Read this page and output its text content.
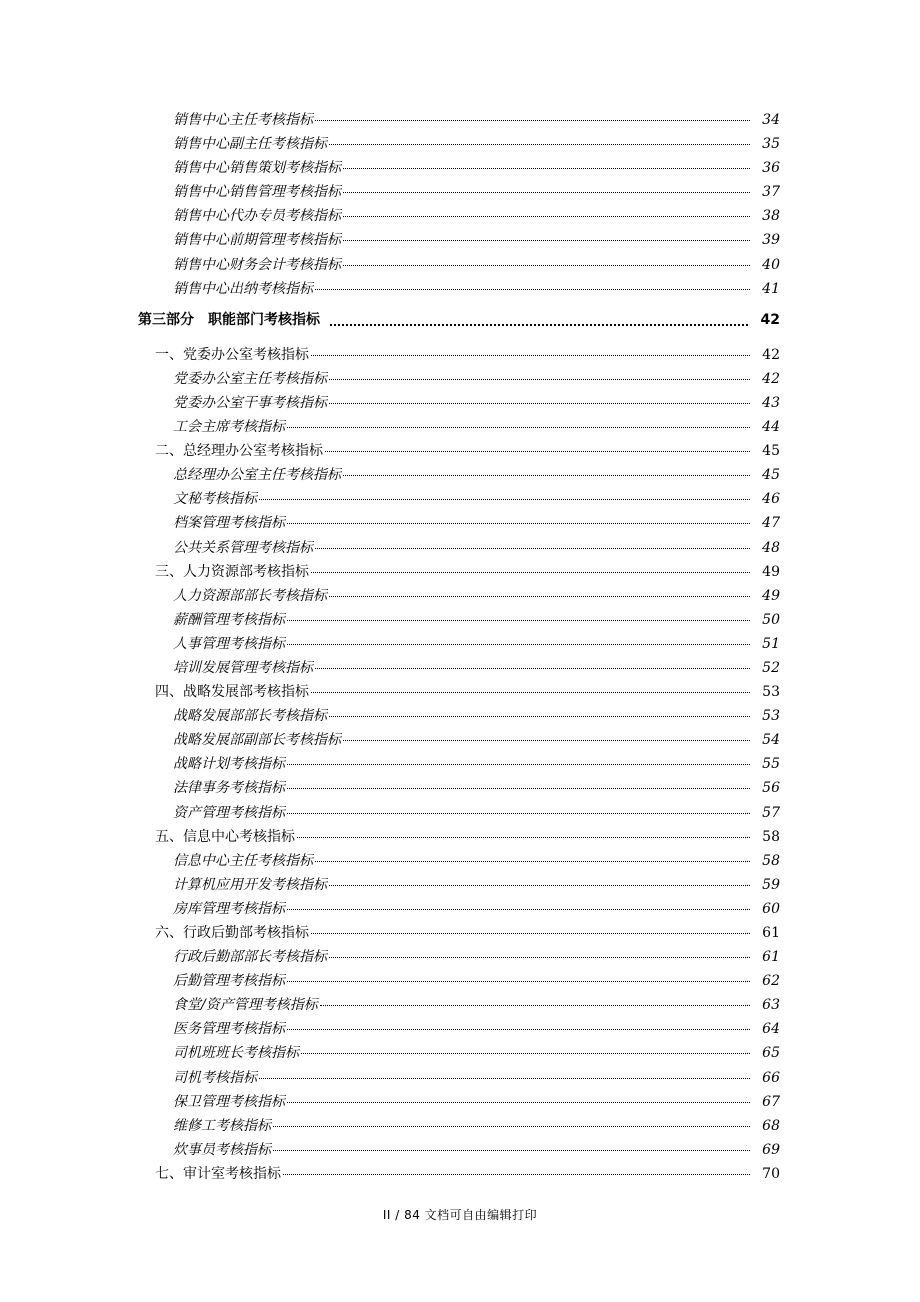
销售中心主任考核指标	34
销售中心副主任考核指标	35
销售中心销售策划考核指标	36
销售中心销售管理考核指标	37
销售中心代办专员考核指标	38
销售中心前期管理考核指标	39
销售中心财务会计考核指标	40
销售中心出纳考核指标	41
第三部分　职能部门考核指标	42
一、党委办公室考核指标	42
党委办公室主任考核指标	42
党委办公室干事考核指标	43
工会主席考核指标	44
二、总经理办公室考核指标	45
总经理办公室主任考核指标	45
文秘考核指标	46
档案管理考核指标	47
公共关系管理考核指标	48
三、人力资源部考核指标	49
人力资源部部长考核指标	49
薪酬管理考核指标	50
人事管理考核指标	51
培训发展管理考核指标	52
四、战略发展部考核指标	53
战略发展部部长考核指标	53
战略发展部副部长考核指标	54
战略计划考核指标	55
法律事务考核指标	56
资产管理考核指标	57
五、信息中心考核指标	58
信息中心主任考核指标	58
计算机应用开发考核指标	59
房库管理考核指标	60
六、行政后勤部考核指标	61
行政后勤部部长考核指标	61
后勤管理考核指标	62
食堂/资产管理考核指标	63
医务管理考核指标	64
司机班班长考核指标	65
司机考核指标	66
保卫管理考核指标	67
维修工考核指标	68
炊事员考核指标	69
七、审计室考核指标	70
II / 84 文档可自由编辑打印
